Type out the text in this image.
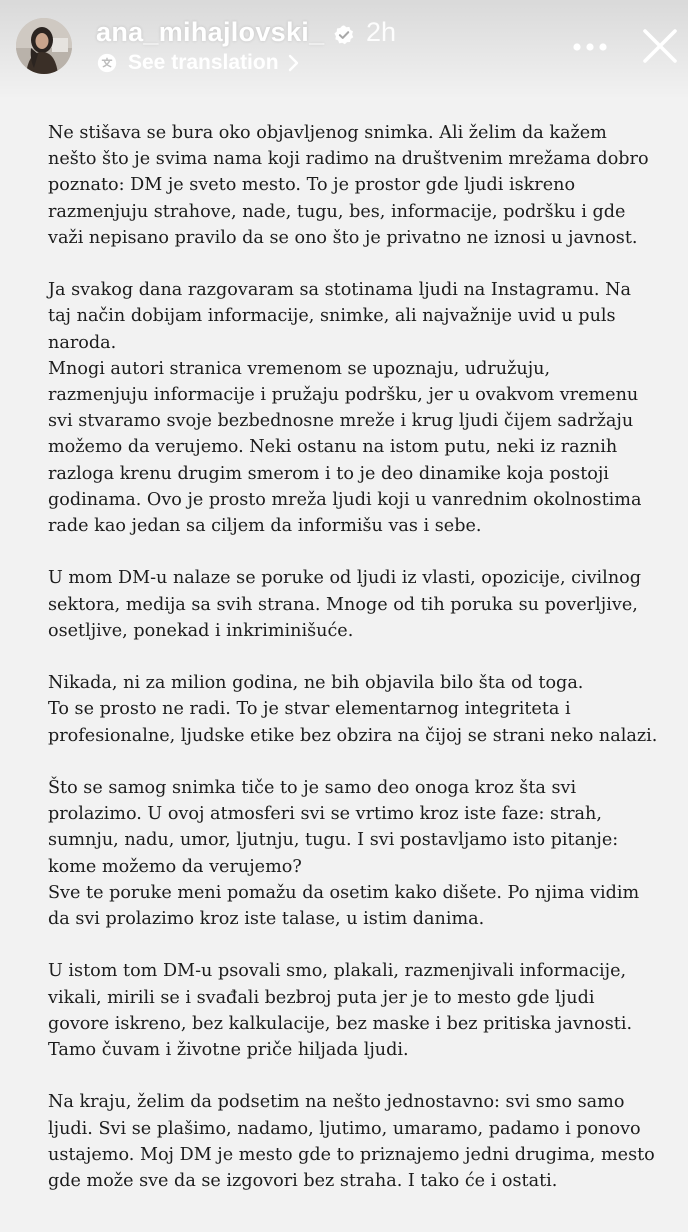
ana_mihajlovski_ 2h
See translation
Ne stišava se bura oko objavljenog snimka. Ali želim da kažem
nešto što je svima nama koji radimo na društvenim mrežama dobro
poznato: DM je sveto mesto. To je prostor gde ljudi iskreno
razmenjuju strahove, nade, tugu, bes, informacije, podršku i gde
važi nepisano pravilo da se ono što je privatno ne iznosi u javnost.
Ja svakog dana razgovaram sa stotinama ljudi na Instagramu. Na
taj način dobijam informacije, snimke, ali najvažnije uvid u puls
naroda.
Mnogi autori stranica vremenom se upoznaju, udružuju,
razmenjuju informacije i pružaju podršku, jer u ovakvom vremenu
svi stvaramo svoje bezbednosne mreže i krug ljudi čijem sadržaju
možemo da verujemo. Neki ostanu na istom putu, neki iz raznih
razloga krenu drugim smerom i to je deo dinamike koja postoji
godinama. Ovo je prosto mreža ljudi koji u vanrednim okolnostima
rade kao jedan sa ciljem da informišu vas i sebe.
U mom DM-u nalaze se poruke od ljudi iz vlasti, opozicije, civilnog
sektora, medija sa svih strana. Mnoge od tih poruka su poverljive,
osetljive, ponekad i inkriminišuće.
Nikada, ni za milion godina, ne bih objavila bilo šta od toga.
To se prosto ne radi. To je stvar elementarnog integriteta i
profesionalne, ljudske etike bez obzira na čijoj se strani neko nalazi.
Što se samog snimka tiče to je samo deo onoga kroz šta svi
prolazimo. U ovoj atmosferi svi se vrtimo kroz iste faze: strah,
sumnju, nadu, umor, ljutnju, tugu. I svi postavljamo isto pitanje:
kome možemo da verujemo?
Sve te poruke meni pomažu da osetim kako dišete. Po njima vidim
da svi prolazimo kroz iste talase, u istim danima.
U istom tom DM-u psovali smo, plakali, razmenjivali informacije,
vikali, mirili se i svađali bezbroj puta jer je to mesto gde ljudi
govore iskreno, bez kalkulacije, bez maske i bez pritiska javnosti.
Tamo čuvam i životne priče hiljada ljudi.
Na kraju, želim da podsetim na nešto jednostavno: svi smo samo
ljudi. Svi se plašimo, nadamo, ljutimo, umaramo, padamo i ponovo
ustajemo. Moj DM je mesto gde to priznajemo jedni drugima, mesto
gde može sve da se izgovori bez straha. I tako će i ostati.
